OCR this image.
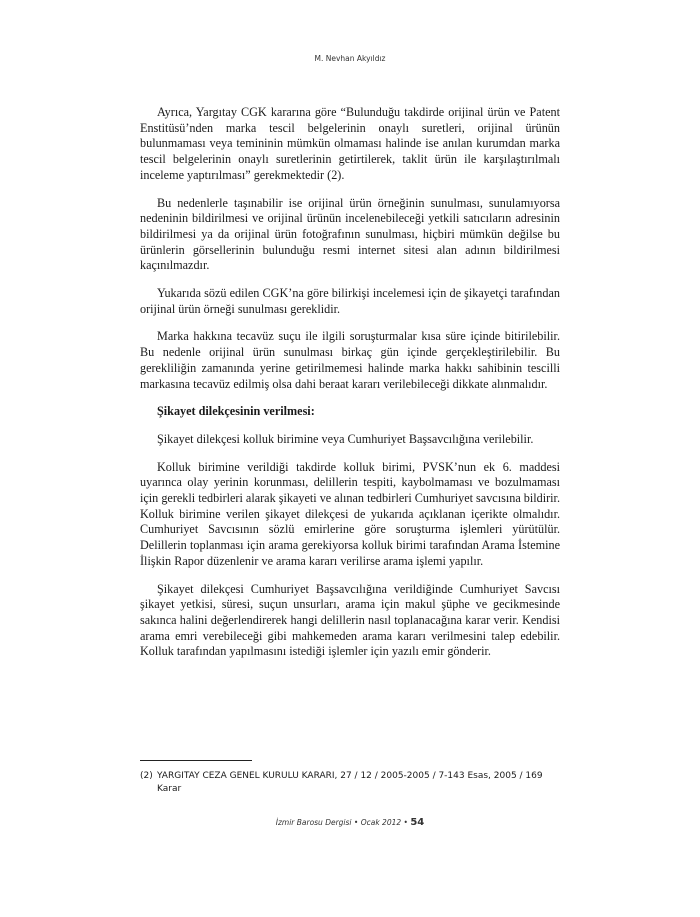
M. Nevhan Akyıldız

Ayrıca, Yargıtay CGK kararına göre “Bulunduğu takdirde orijinal ürün ve Patent Enstitüsü’nden marka tescil belgelerinin onaylı suretleri, orijinal ürünün bulunmaması veya temininin mümkün olmaması halinde ise anılan kurumdan marka tescil belgelerinin onaylı suretlerinin getirtilerek, taklit ürün ile karşılaştırılmalı inceleme yaptırılması” gerekmektedir (2).

Bu nedenlerle taşınabilir ise orijinal ürün örneğinin sunulması, sunulamıyorsa nedeninin bildirilmesi ve orijinal ürünün incelenebileceği yetkili satıcıların adresinin bildirilmesi ya da orijinal ürün fotoğrafının sunulması, hiçbiri mümkün değilse bu ürünlerin görsellerinin bulunduğu resmi internet sitesi alan adının bildirilmesi kaçınılmazdır.

Yukarıda sözü edilen CGK’na göre bilirkişi incelemesi için de şikayetçi tarafından orijinal ürün örneği sunulması gereklidir.

Marka hakkına tecavüz suçu ile ilgili soruşturmalar kısa süre içinde bitirilebilir. Bu nedenle orijinal ürün sunulması birkaç gün içinde gerçekleştirilebilir. Bu gerekliliğin zamanında yerine getirilmemesi halinde marka hakkı sahibinin tescilli markasına tecavüz edilmiş olsa dahi beraat kararı verilebileceği dikkate alınmalıdır.

Şikayet dilekçesinin verilmesi:

Şikayet dilekçesi kolluk birimine veya Cumhuriyet Başsavcılığına verilebilir.

Kolluk birimine verildiği takdirde kolluk birimi, PVSK’nun ek 6. maddesi uyarınca olay yerinin korunması, delillerin tespiti, kaybolmaması ve bozulmaması için gerekli tedbirleri alarak şikayeti ve alınan tedbirleri Cumhuriyet savcısına bildirir. Kolluk birimine verilen şikayet dilekçesi de yukarıda açıklanan içerikte olmalıdır. Cumhuriyet Savcısının sözlü emirlerine göre soruşturma işlemleri yürütülür. Delillerin toplanması için arama gerekiyorsa kolluk birimi tarafından Arama İstemine İlişkin Rapor düzenlenir ve arama kararı verilirse arama işlemi yapılır.

Şikayet dilekçesi Cumhuriyet Başsavcılığına verildiğinde Cumhuriyet Savcısı şikayet yetkisi, süresi, suçun unsurları, arama için makul şüphe ve gecikmesinde sakınca halini değerlendirerek hangi delillerin nasıl toplanacağına karar verir. Kendisi arama emri verebileceği gibi mahkemeden arama kararı verilmesini talep edebilir. Kolluk tarafından yapılmasını istediği işlemler için yazılı emir gönderir.

(2) YARGITAY CEZA GENEL KURULU KARARI, 27 / 12 / 2005-2005 / 7-143 Esas, 2005 / 169 Karar
İzmir Barosu Dergisi • Ocak 2012 • 54
